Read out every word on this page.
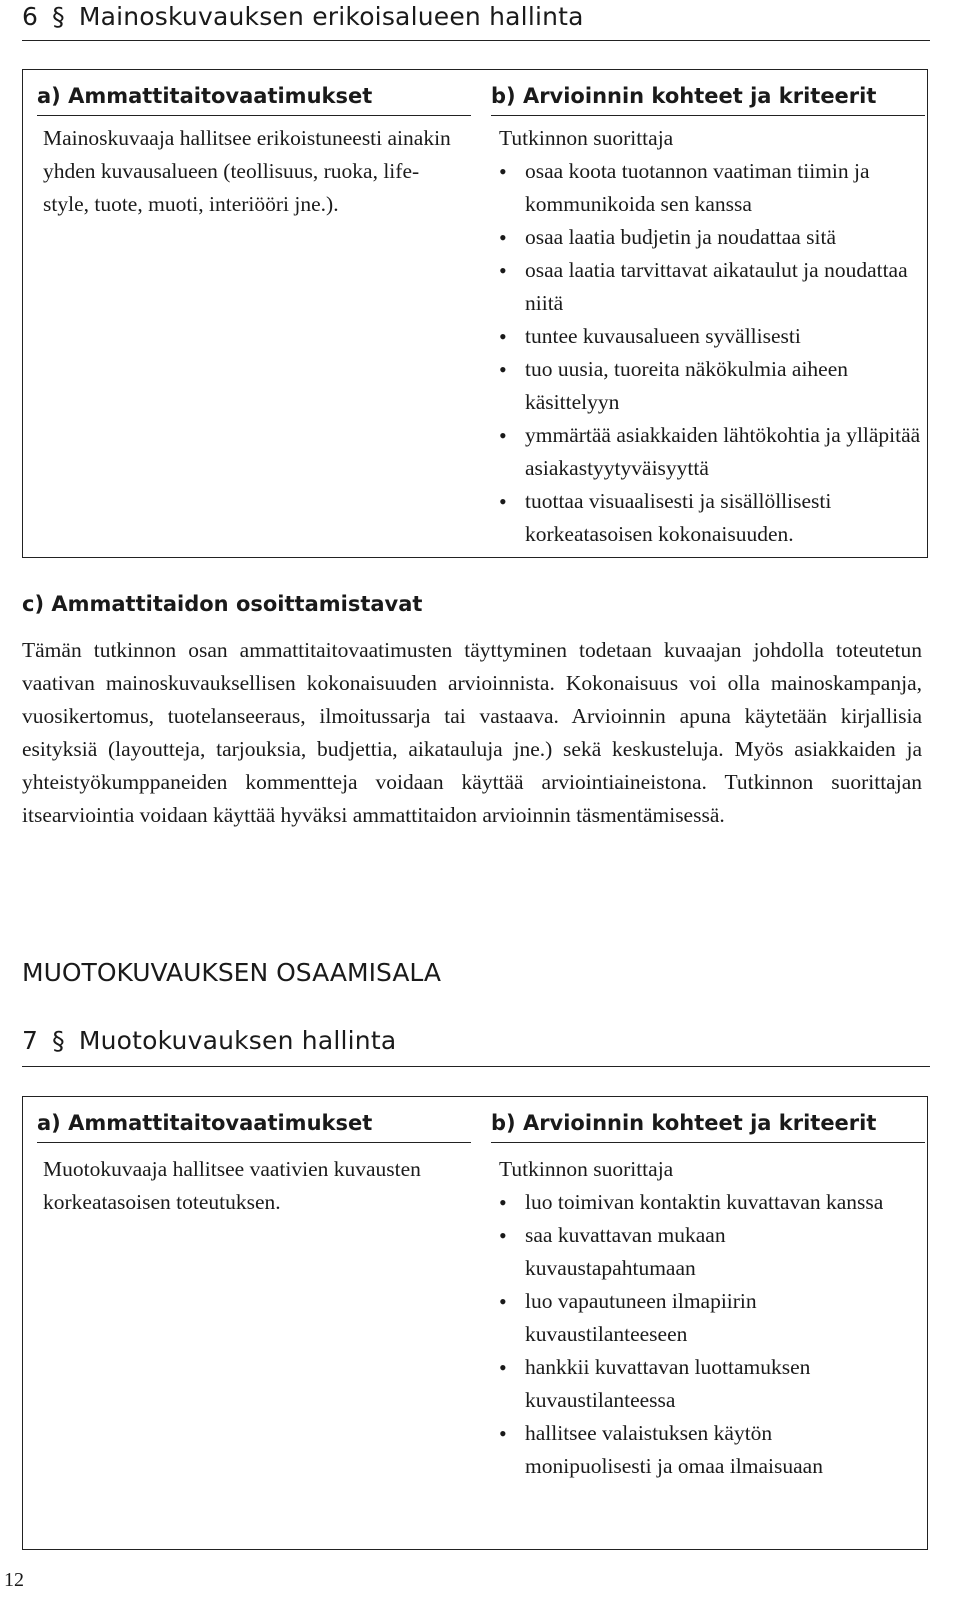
6 § Mainoskuvauksen erikoisalueen hallinta
a) Ammattitaitovaatimukset	b) Arvioinnin kohteet ja kriteerit

Mainoskuvaaja hallitsee erikoistuneesti ainakin yhden kuvausalueen (teollisuus, ruoka, life-style, tuote, muoti, interiööri jne.).

Tutkinnon suorittaja

• osaa koota tuotannon vaatiman tiimin ja kommunikoida sen kanssa
• osaa laatia budjetin ja noudattaa sitä
• osaa laatia tarvittavat aikataulut ja noudattaa niitä
• tuntee kuvausalueen syvällisesti
• tuo uusia, tuoreita näkökulmia aiheen käsittelyyn
• ymmärtää asiakkaiden lähtökohtia ja ylläpitää asiakastyytyväisyyttä
• tuottaa visuaalisesti ja sisällöllisesti korkeatasoisen kokonaisuuden.
c) Ammattitaidon osoittamistavat

Tämän tutkinnon osan ammattitaitovaatimusten täyttyminen todetaan kuvaajan johdolla toteutetun vaativan mainoskuvauksellisen kokonaisuuden arvioinnista. Kokonaisuus voi olla mainoskampanja, vuosikertomus, tuotelanseeraus, ilmoitussarja tai vastaava. Arvioinnin apuna käytetään kirjallisia esityksiä (layoutteja, tarjouksia, budjettia, aikatauluja jne.) sekä keskusteluja. Myös asiakkaiden ja yhteistyökumppaneiden kommentteja voidaan käyttää arviointiaineistona. Tutkinnon suorittajan itsearviointia voidaan käyttää hyväksi ammattitaidon arvioinnin täsmentämisessä.

MUOTOKUVAUKSEN OSAAMISALA
7 § Muotokuvauksen hallinta
a) Ammattitaitovaatimukset	b) Arvioinnin kohteet ja kriteerit

Muotokuvaaja hallitsee vaativien kuvausten korkeatasoisen toteutuksen.

Tutkinnon suorittaja

• luo toimivan kontaktin kuvattavan kanssa
• saa kuvattavan mukaan kuvaustapahtumaan
• luo vapautuneen ilmapiirin kuvaustilanteeseen
• hankkii kuvattavan luottamuksen kuvaustilanteessa
• hallitsee valaistuksen käytön monipuolisesti ja omaa ilmaisuaan
12
